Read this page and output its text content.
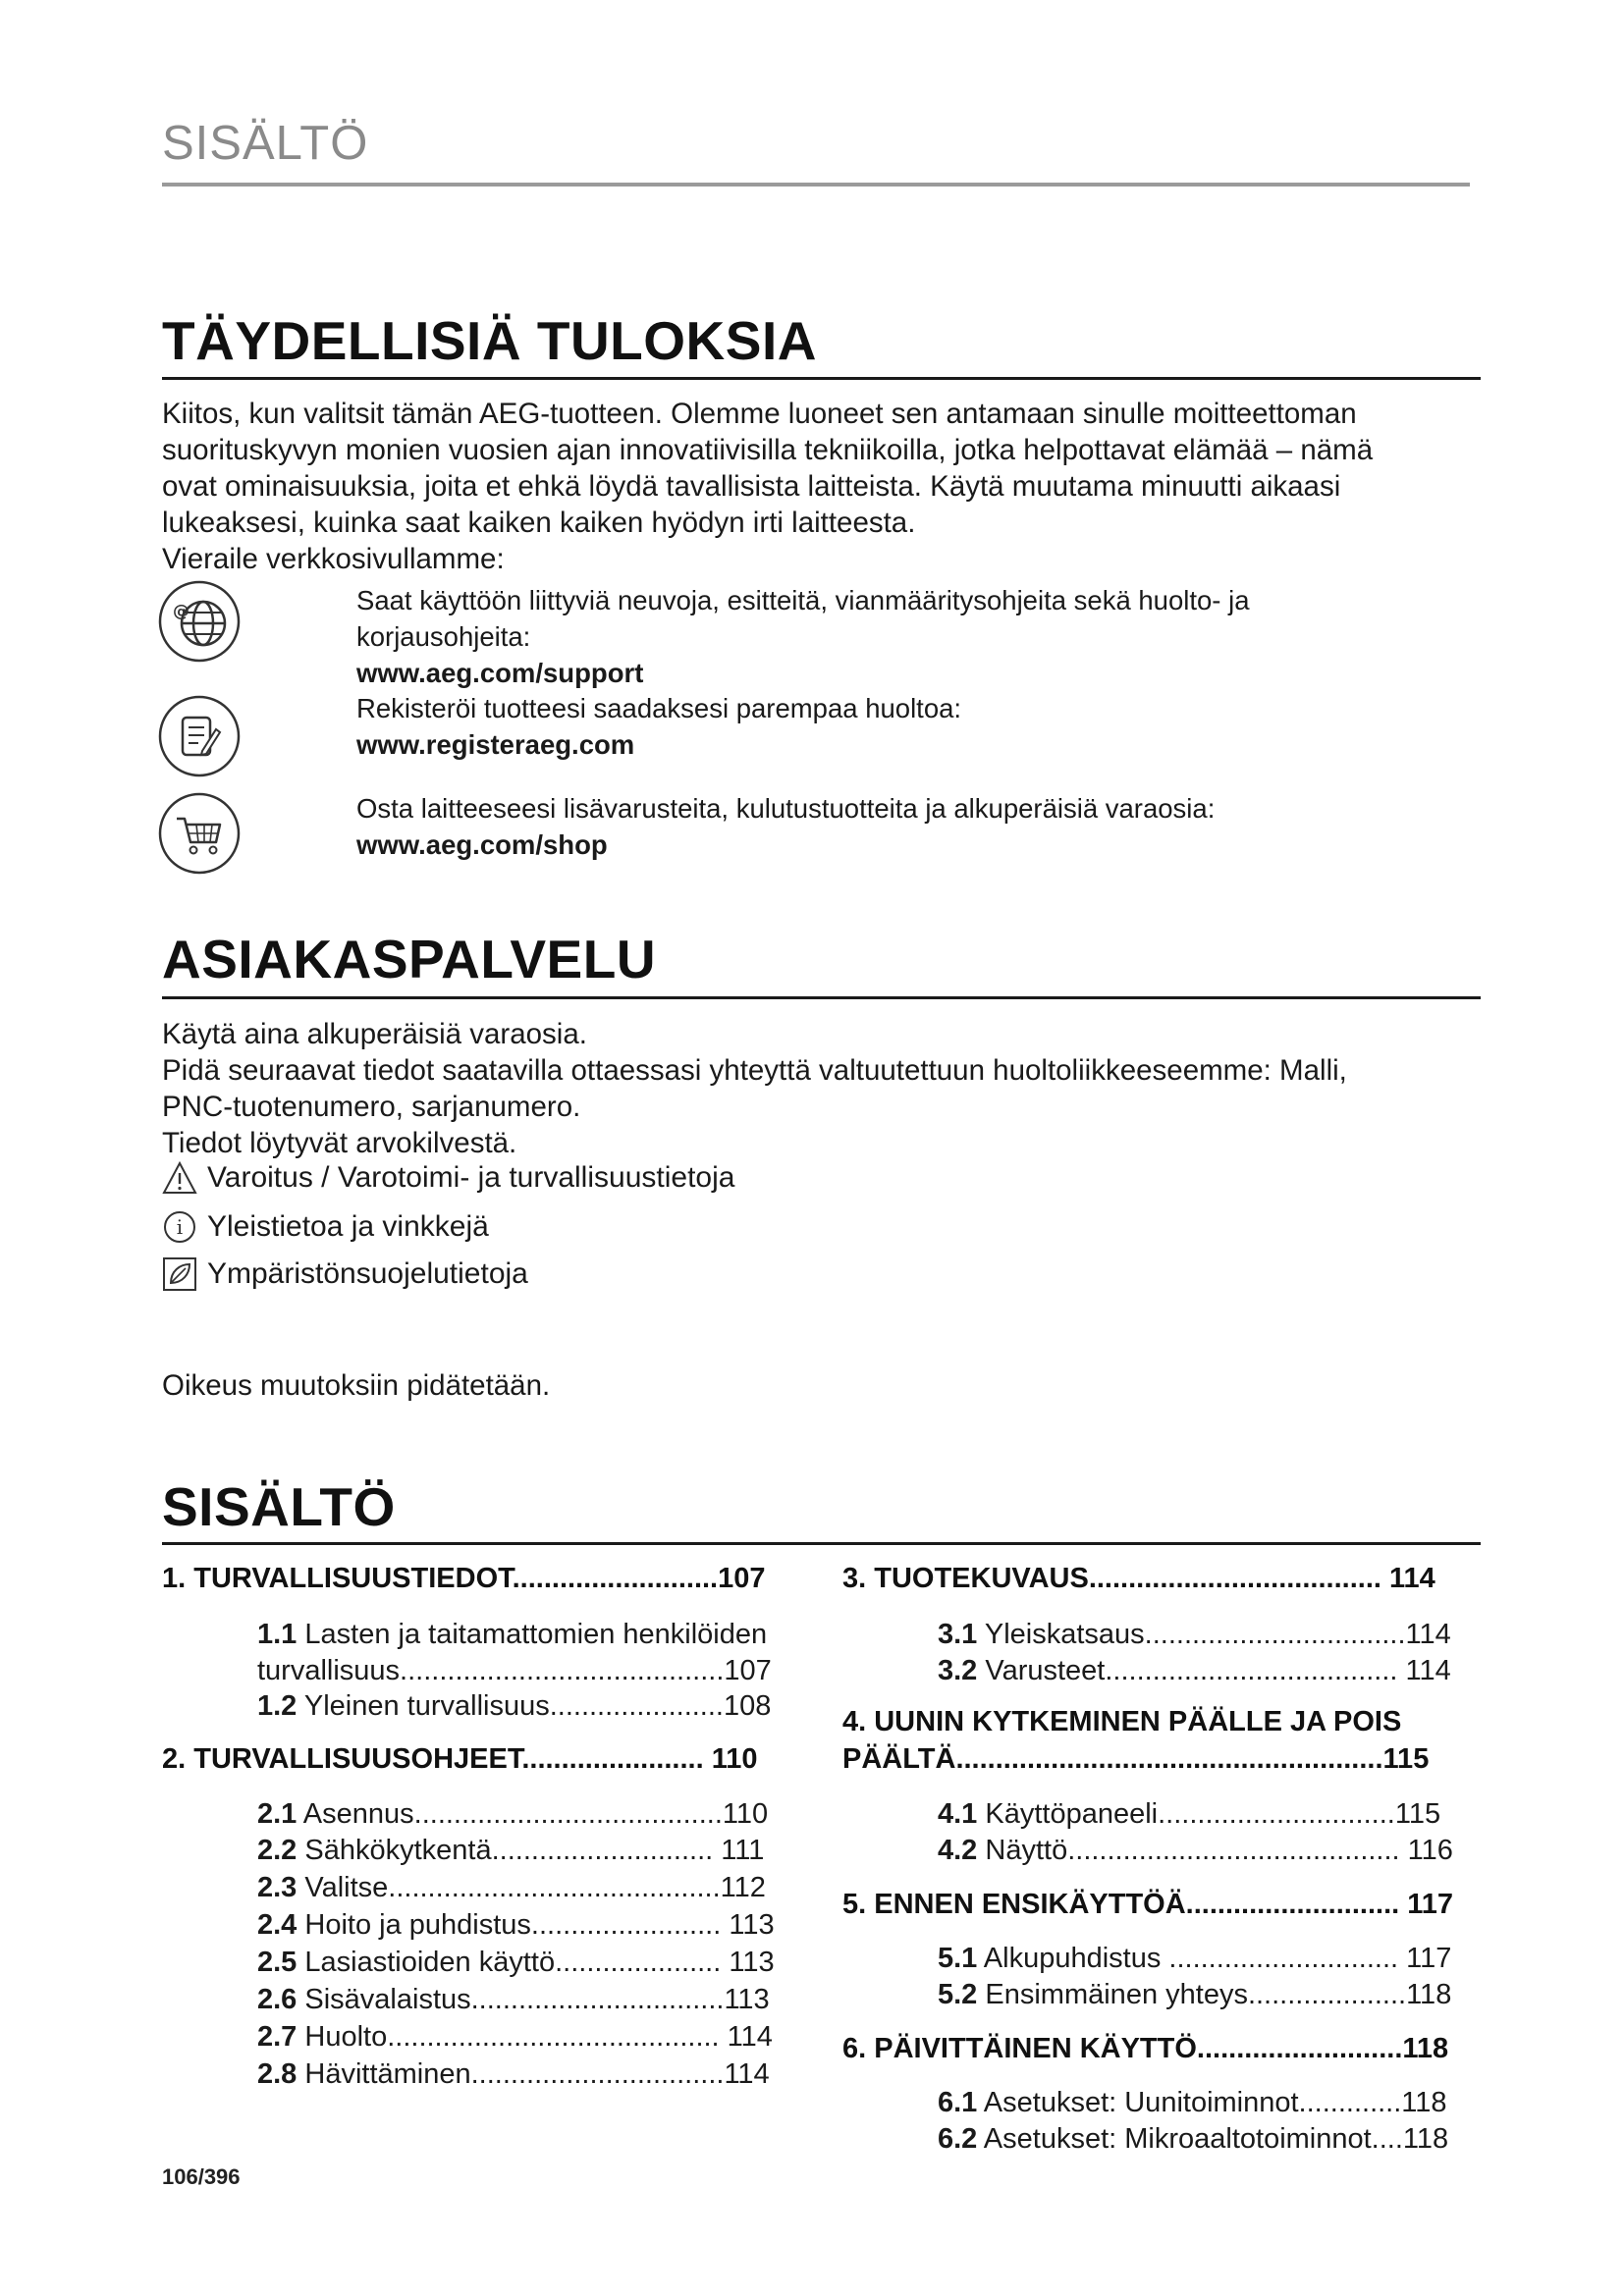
SISÄLTÖ
TÄYDELLISIÄ TULOKSIA
Kiitos, kun valitsit tämän AEG-tuotteen. Olemme luoneet sen antamaan sinulle moitteettoman
suorituskyvyn monien vuosien ajan innovatiivisilla tekniikoilla, jotka helpottavat elämää – nämä
ovat ominaisuuksia, joita et ehkä löydä tavallisista laitteista. Käytä muutama minuutti aikaasi
lukeaksesi, kuinka saat kaiken kaiken hyödyn irti laitteesta.
Vieraile verkkosivullamme:
@	Saat käyttöön liittyviä neuvoja, esitteitä, vianmääritysohjeita sekä huolto- ja
korjausohjeita:
www.aeg.com/support
Rekisteröi tuotteesi saadaksesi parempaa huoltoa:
www.registeraeg.com
Osta laitteeseesi lisävarusteita, kulutustuotteita ja alkuperäisiä varaosia:
www.aeg.com/shop
ASIAKASPALVELU
Käytä aina alkuperäisiä varaosia.
Pidä seuraavat tiedot saatavilla ottaessasi yhteyttä valtuutettuun huoltoliikkeeseemme: Malli,
PNC-tuotenumero, sarjanumero.
Tiedot löytyvät arvokilvestä.
Varoitus / Varotoimi- ja turvallisuustietoja
i Yleistietoa ja vinkkejä
Ympäristönsuojelutietoja
Oikeus muutoksiin pidätetään.
SISÄLTÖ
1. TURVALLISUUSTIEDOT..........................107
1.1 Lasten ja taitamattomien henkilöiden
turvallisuus.........................................107
1.2 Yleinen turvallisuus......................108
2. TURVALLISUUSOHJEET....................... 110
2.1 Asennus.......................................110
2.2 Sähkökytkentä............................ 111
2.3 Valitse..........................................112
2.4 Hoito ja puhdistus........................ 113
2.5 Lasiastioiden käyttö..................... 113
2.6 Sisävalaistus................................113
2.7 Huolto.......................................... 114
2.8 Hävittäminen................................114
3. TUOTEKUVAUS..................................... 114
3.1 Yleiskatsaus.................................114
3.2 Varusteet..................................... 114
4. UUNIN KYTKEMINEN PÄÄLLE JA POIS
PÄÄLTÄ......................................................115
4.1 Käyttöpaneeli..............................115
4.2 Näyttö.......................................... 116
5. ENNEN ENSIKÄYTTÖÄ........................... 117
5.1 Alkupuhdistus ............................. 117
5.2 Ensimmäinen yhteys....................118
6. PÄIVITTÄINEN KÄYTTÖ..........................118
6.1 Asetukset: Uunitoiminnot.............118
6.2 Asetukset: Mikroaaltotoiminnot....118
106/396
